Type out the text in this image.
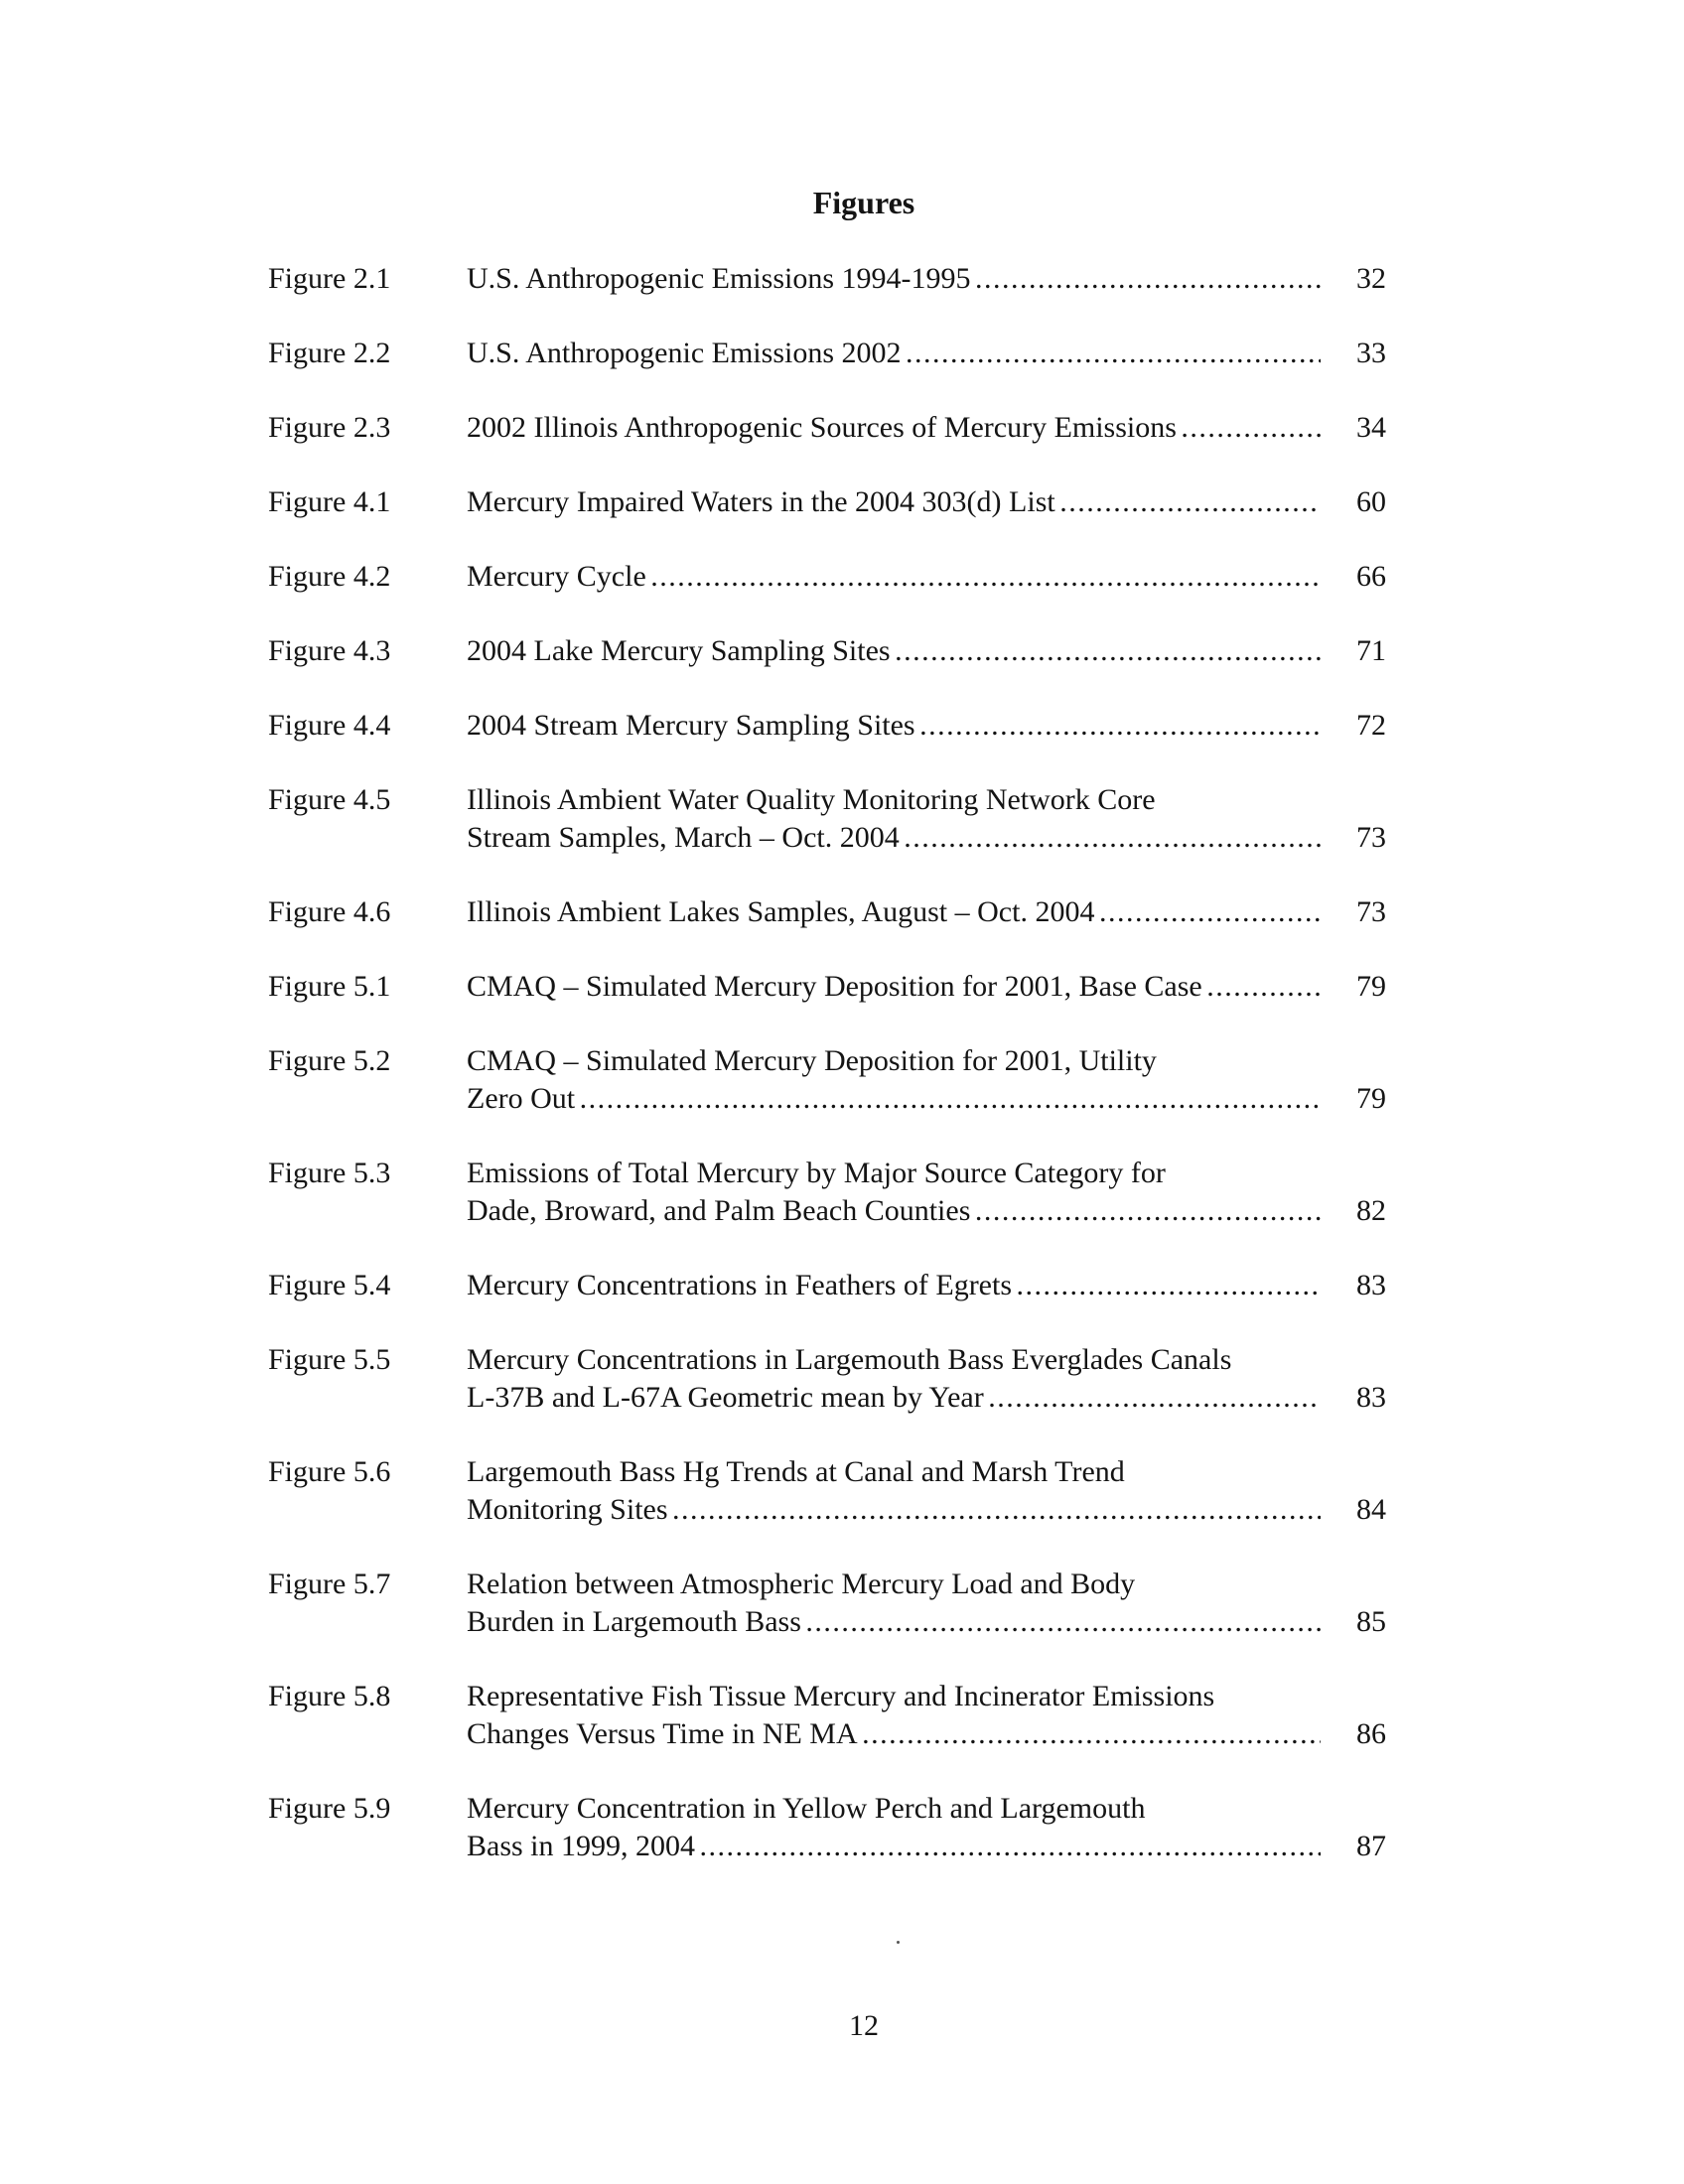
Figures
Figure 2.1	U.S. Anthropogenic Emissions 1994-1995 . . .	32
Figure 2.2	U.S. Anthropogenic Emissions 2002 . . .	33
Figure 2.3	2002 Illinois Anthropogenic Sources of Mercury Emissions . . .	34
Figure 4.1	Mercury Impaired Waters in the 2004 303(d) List . . .	60
Figure 4.2	Mercury Cycle . . .	66
Figure 4.3	2004 Lake Mercury Sampling Sites . . .	71
Figure 4.4	2004 Stream Mercury Sampling Sites . . .	72
Figure 4.5	Illinois Ambient Water Quality Monitoring Network Core
Stream Samples, March – Oct. 2004 . . .	73
Figure 4.6	Illinois Ambient Lakes Samples, August – Oct. 2004 . . .	73
Figure 5.1	CMAQ – Simulated Mercury Deposition for 2001, Base Case . . .	79
Figure 5.2	CMAQ – Simulated Mercury Deposition for 2001, Utility
Zero Out . . .	79
Figure 5.3	Emissions of Total Mercury by Major Source Category for
Dade, Broward, and Palm Beach Counties . . .	82
Figure 5.4	Mercury Concentrations in Feathers of Egrets . . .	83
Figure 5.5	Mercury Concentrations in Largemouth Bass Everglades Canals
L-37B and L-67A Geometric mean by Year . . .	83
Figure 5.6	Largemouth Bass Hg Trends at Canal and Marsh Trend
Monitoring Sites . . .	84
Figure 5.7	Relation between Atmospheric Mercury Load and Body
Burden in Largemouth Bass . . .	85
Figure 5.8	Representative Fish Tissue Mercury and Incinerator Emissions
Changes Versus Time in NE MA . . .	86
Figure 5.9	Mercury Concentration in Yellow Perch and Largemouth
Bass in 1999, 2004 . . .	87
12
